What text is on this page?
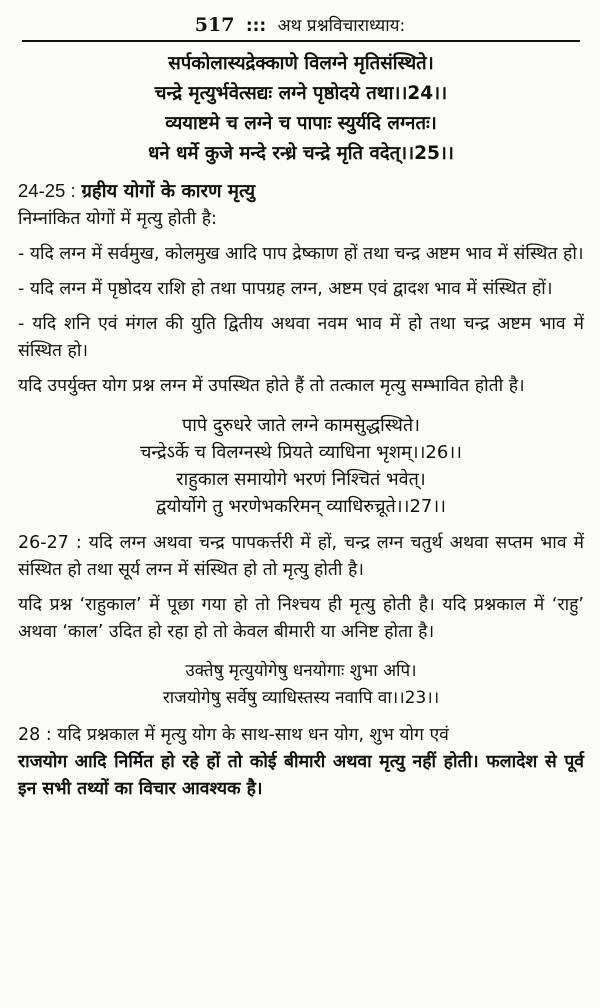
517 ::: अथ प्रश्नविचाराध्याय:

सर्पकोलास्यद्रेक्काणे विलग्ने मृतिसंस्थिते।

चन्द्रे मृत्युर्भवेत्सद्यः लग्ने पृष्ठोदये तथा।।24।।

व्ययाष्टमे च लग्ने च पापाः स्युर्यदि लग्नतः।

धने धर्मे कुजे मन्दे रन्ध्रे चन्द्रे मृति वदेत्।।25।।

24-25 : ग्रहीय योगों के कारण मृत्यु

निम्नांकित योगों में मृत्यु होती है:

- यदि लग्न में सर्वमुख, कोलमुख आदि पाप द्रेष्काण हों तथा चन्द्र अष्टम भाव में संस्थित हो।

- यदि लग्न में पृष्ठोदय राशि हो तथा पापग्रह लग्न, अष्टम एवं द्वादश भाव में संस्थित हों।

- यदि शनि एवं मंगल की युति द्वितीय अथवा नवम भाव में हो तथा चन्द्र अष्टम भाव में संस्थित हो।

यदि उपर्युक्त योग प्रश्न लग्न में उपस्थित होते हैं तो तत्काल मृत्यु सम्भावित होती है।

पापे दुरुधरे जाते लग्ने कामसुद्धस्थिते।

चन्द्रेऽर्के च विलग्नस्थे प्रियते व्याधिना भृशम्।।26।।

राहुकाल समायोगे भरणं निश्चितं भवेत्।

द्वयोर्योगे तु भरणेभकरिमन् व्याधिरुच्रूते।।27।।

26-27 : यदि लग्न अथवा चन्द्र पापकर्त्तरी में हों, चन्द्र लग्न चतुर्थ अथवा सप्तम भाव में संस्थित हो तथा सूर्य लग्न में संस्थित हो तो मृत्यु होती है।

यदि प्रश्न ‘राहुकाल’ में पूछा गया हो तो निश्चय ही मृत्यु होती है। यदि प्रश्नकाल में ‘राहु’ अथवा ‘काल’ उदित हो रहा हो तो केवल बीमारी या अनिष्ट होता है।

उक्तेषु मृत्युयोगेषु धनयोगाः शुभा अपि।

राजयोगेषु सर्वेषु व्याधिस्तस्य नवापि वा।।23।।

28 : यदि प्रश्नकाल में मृत्यु योग के साथ-साथ धन योग, शुभ योग एवं

राजयोग आदि निर्मित हो रहे हों तो कोई बीमारी अथवा मृत्यु नहीं होती। फलादेश से पूर्व इन सभी तथ्यों का विचार आवश्यक है।
